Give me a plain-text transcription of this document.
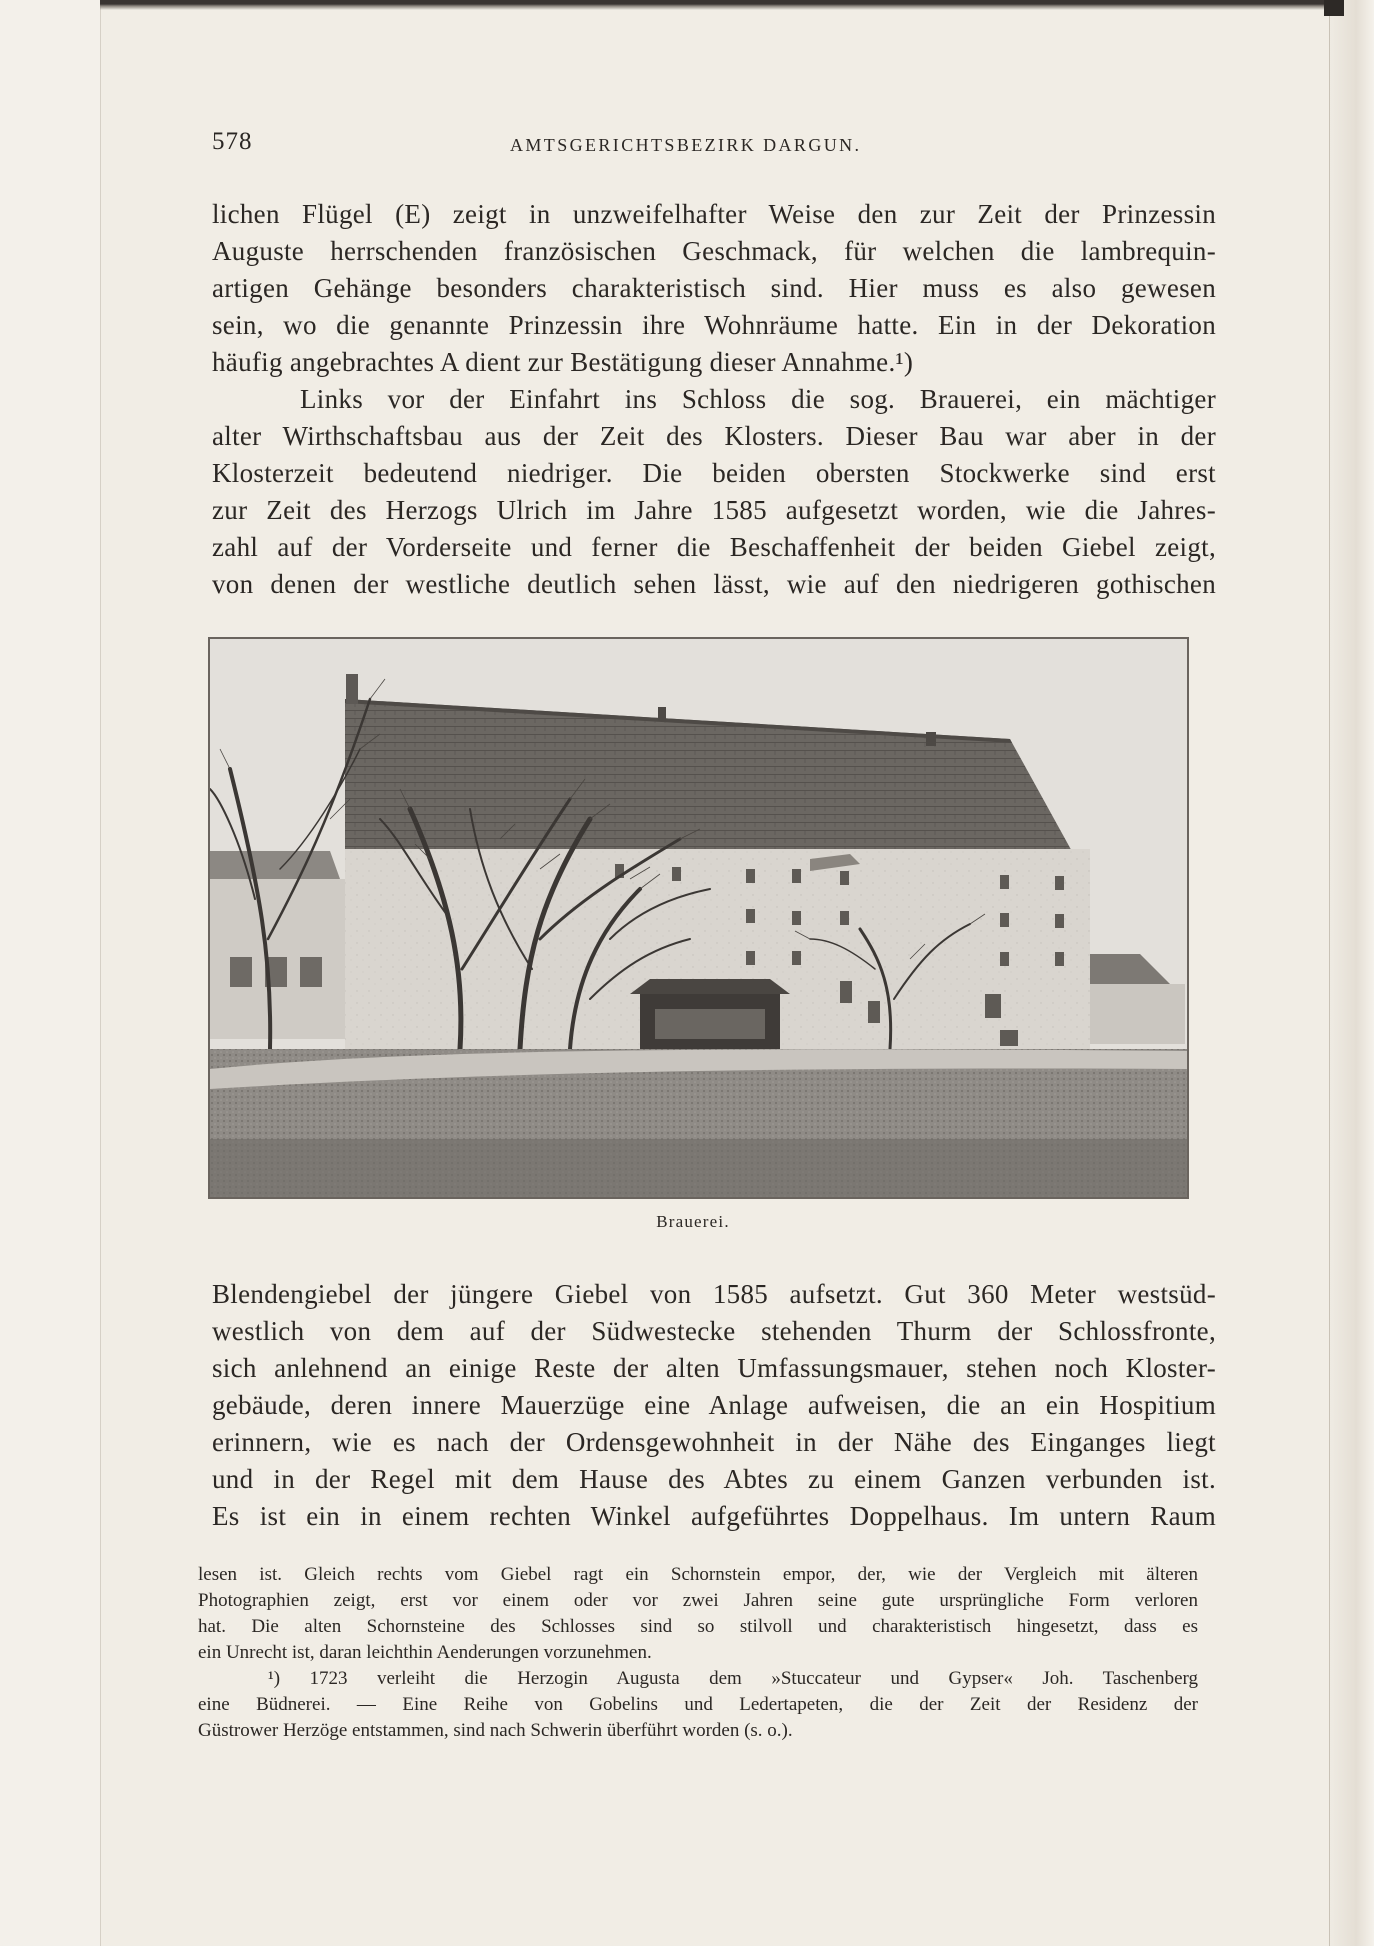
578	AMTSGERICHTSBEZIRK DARGUN.
lichen Flügel (E) zeigt in unzweifelhafter Weise den zur Zeit der Prinzessin
Auguste herrschenden französischen Geschmack, für welchen die lambrequin-
artigen Gehänge besonders charakteristisch sind. Hier muss es also gewesen
sein, wo die genannte Prinzessin ihre Wohnräume hatte. Ein in der Dekoration
häufig angebrachtes A dient zur Bestätigung dieser Annahme.¹)
Links vor der Einfahrt ins Schloss die sog. Brauerei, ein mächtiger
alter Wirthschaftsbau aus der Zeit des Klosters. Dieser Bau war aber in der
Klosterzeit bedeutend niedriger. Die beiden obersten Stockwerke sind erst
zur Zeit des Herzogs Ulrich im Jahre 1585 aufgesetzt worden, wie die Jahres-
zahl auf der Vorderseite und ferner die Beschaffenheit der beiden Giebel zeigt,
von denen der westliche deutlich sehen lässt, wie auf den niedrigeren gothischen
Brauerei.
Blendengiebel der jüngere Giebel von 1585 aufsetzt. Gut 360 Meter westsüd-
westlich von dem auf der Südwestecke stehenden Thurm der Schlossfronte,
sich anlehnend an einige Reste der alten Umfassungsmauer, stehen noch Kloster-
gebäude, deren innere Mauerzüge eine Anlage aufweisen, die an ein Hospitium
erinnern, wie es nach der Ordensgewohnheit in der Nähe des Einganges liegt
und in der Regel mit dem Hause des Abtes zu einem Ganzen verbunden ist.
Es ist ein in einem rechten Winkel aufgeführtes Doppelhaus. Im untern Raum
lesen ist. Gleich rechts vom Giebel ragt ein Schornstein empor, der, wie der Vergleich mit älteren
Photographien zeigt, erst vor einem oder vor zwei Jahren seine gute ursprüngliche Form verloren
hat. Die alten Schornsteine des Schlosses sind so stilvoll und charakteristisch hingesetzt, dass es
ein Unrecht ist, daran leichthin Aenderungen vorzunehmen.
¹) 1723 verleiht die Herzogin Augusta dem »Stuccateur und Gypser« Joh. Taschenberg
eine Büdnerei. — Eine Reihe von Gobelins und Ledertapeten, die der Zeit der Residenz der
Güstrower Herzöge entstammen, sind nach Schwerin überführt worden (s. o.).
